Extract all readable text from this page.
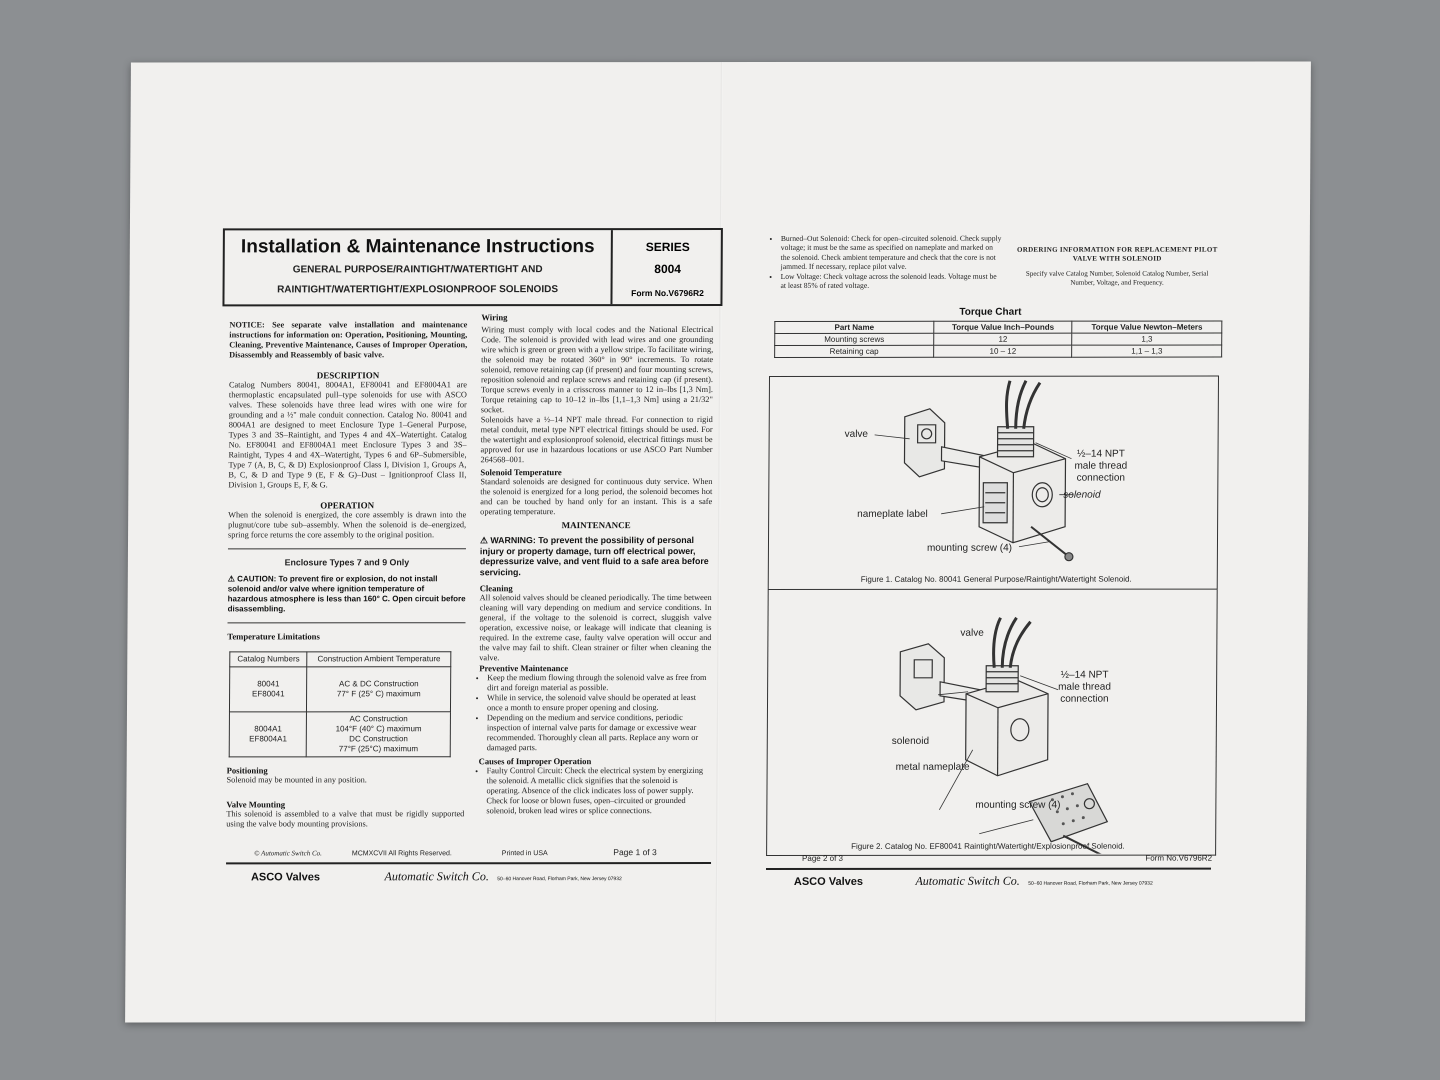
Installation & Maintenance Instructions
GENERAL PURPOSE/RAINTIGHT/WATERTIGHT AND
RAINTIGHT/WATERTIGHT/EXPLOSIONPROOF SOLENOIDS
SERIES
8004
Form No.V6796R2

NOTICE: See separate valve installation and maintenance instructions for information on: Operation, Positioning, Mounting, Cleaning, Preventive Maintenance, Causes of Improper Operation, Disassembly and Reassembly of basic valve.

DESCRIPTION

Catalog Numbers 80041, 8004A1, EF80041 and EF8004A1 are thermoplastic encapsulated pull–type solenoids for use with ASCO valves. These solenoids have three lead wires with one wire for grounding and a ½" male conduit connection. Catalog No. 80041 and 8004A1 are designed to meet Enclosure Type 1–General Purpose, Types 3 and 3S–Raintight, and Types 4 and 4X–Watertight. Catalog No. EF80041 and EF8004A1 meet Enclosure Types 3 and 3S–Raintight, Types 4 and 4X–Watertight, Types 6 and 6P–Submersible, Type 7 (A, B, C, & D) Explosionproof Class I, Division 1, Groups A, B, C, & D and Type 9 (E, F & G)–Dust – Ignitionproof Class II, Division 1, Groups E, F, & G.

OPERATION

When the solenoid is energized, the core assembly is drawn into the plugnut/core tube sub–assembly. When the solenoid is de–energized, spring force returns the core assembly to the original position.

Enclosure Types 7 and 9 Only
⚠ CAUTION: To prevent fire or explosion, do not install solenoid and/or valve where ignition temperature of hazardous atmosphere is less than 160° C. Open circuit before disassembling.
Temperature Limitations
Catalog Numbers	Construction Ambient Temperature
80041
EF80041	AC & DC Construction
77° F (25° C) maximum
8004A1
EF8004A1	AC Construction
104°F (40° C) maximum
DC Construction
77°F (25°C) maximum
Positioning

Solenoid may be mounted in any position.

Valve Mounting

This solenoid is assembled to a valve that must be rigidly supported using the valve body mounting provisions.

Wiring

Wiring must comply with local codes and the National Electrical Code. The solenoid is provided with lead wires and one grounding wire which is green or green with a yellow stripe. To facilitate wiring, the solenoid may be rotated 360° in 90° increments. To rotate solenoid, remove retaining cap (if present) and four mounting screws, reposition solenoid and replace screws and retaining cap (if present). Torque screws evenly in a crisscross manner to 12 in–lbs [1,3 Nm]. Torque retaining cap to 10–12 in–lbs [1,1–1,3 Nm] using a 21/32" socket.

Solenoids have a ½–14 NPT male thread. For connection to rigid metal conduit, metal type NPT electrical fittings should be used. For the watertight and explosionproof solenoid, electrical fittings must be approved for use in hazardous locations or use ASCO Part Number 264568–001.

Solenoid Temperature

Standard solenoids are designed for continuous duty service. When the solenoid is energized for a long period, the solenoid becomes hot and can be touched by hand only for an instant. This is a safe operating temperature.

MAINTENANCE
⚠ WARNING: To prevent the possibility of personal injury or property damage, turn off electrical power, depressurize valve, and vent fluid to a safe area before servicing.
Cleaning

All solenoid valves should be cleaned periodically. The time between cleaning will vary depending on medium and service conditions. In general, if the voltage to the solenoid is correct, sluggish valve operation, excessive noise, or leakage will indicate that cleaning is required. In the extreme case, faulty valve operation will occur and the valve may fail to shift. Clean strainer or filter when cleaning the valve.

Preventive Maintenance
• Keep the medium flowing through the solenoid valve as free from dirt and foreign material as possible.
• While in service, the solenoid valve should be operated at least once a month to ensure proper opening and closing.
• Depending on the medium and service conditions, periodic inspection of internal valve parts for damage or excessive wear recommended. Thoroughly clean all parts. Replace any worn or damaged parts.
Causes of Improper Operation
• Faulty Control Circuit: Check the electrical system by energizing the solenoid. A metallic click signifies that the solenoid is operating. Absence of the click indicates loss of power supply. Check for loose or blown fuses, open–circuited or grounded solenoid, broken lead wires or splice connections.
© Automatic Switch Co.	MCMXCVII All Rights Reserved.	Printed in USA	Page 1 of 3
ASCO Valves	Automatic Switch Co. 50–60 Hanover Road, Florham Park, New Jersey 07932
• Burned–Out Solenoid: Check for open–circuited solenoid. Check supply voltage; it must be the same as specified on nameplate and marked on the solenoid. Check ambient temperature and check that the core is not jammed. If necessary, replace pilot valve.
• Low Voltage: Check voltage across the solenoid leads. Voltage must be at least 85% of rated voltage.
ORDERING INFORMATION FOR REPLACEMENT PILOT VALVE WITH SOLENOID
Specify valve Catalog Number, Solenoid Catalog Number, Serial Number, Voltage, and Frequency.
Torque Chart
Part Name	Torque Value Inch–Pounds	Torque Value Newton–Meters
Mounting screws	12	1,3
Retaining cap	10 – 12	1,1 – 1,3
valve
½–14 NPT
male thread
connection
solenoid
nameplate label
mounting screw (4)
Figure 1. Catalog No. 80041 General Purpose/Raintight/Watertight Solenoid.
valve
½–14 NPT
male thread
connection
solenoid
metal nameplate
mounting screw (4)
Figure 2. Catalog No. EF80041 Raintight/Watertight/Explosionproof Solenoid.
Page 2 of 3	Form No.V6796R2
ASCO Valves	Automatic Switch Co. 50–60 Hanover Road, Florham Park, New Jersey 07932
